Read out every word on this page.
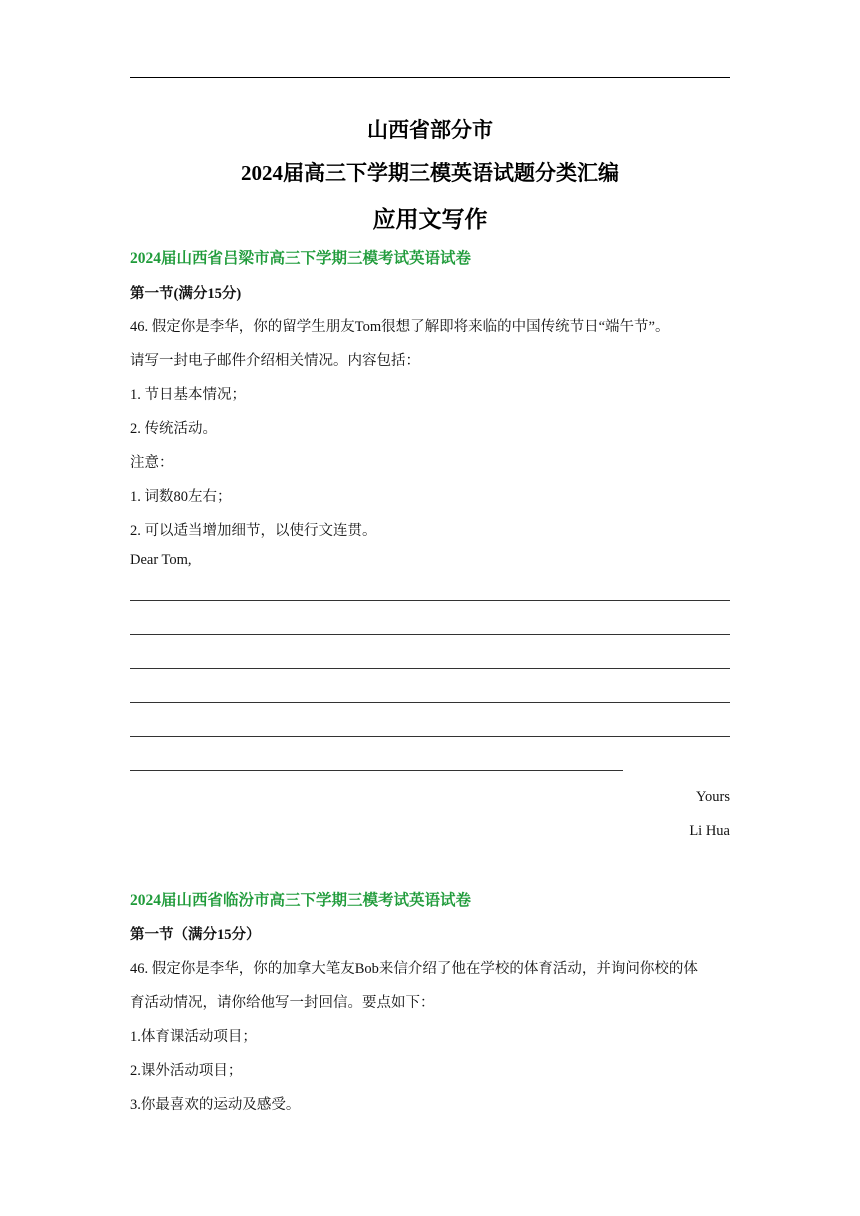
山西省部分市
2024届高三下学期三模英语试题分类汇编
应用文写作
2024届山西省吕梁市高三下学期三模考试英语试卷
第一节(满分15分)
46. 假定你是李华，你的留学生朋友Tom很想了解即将来临的中国传统节日“端午节”。
请写一封电子邮件介绍相关情况。内容包括：
1. 节日基本情况；
2. 传统活动。
注意：
1. 词数80左右；
2. 可以适当增加细节，以使行文连贯。
Dear Tom,
Yours
Li Hua
2024届山西省临汾市高三下学期三模考试英语试卷
第一节（满分15分）
46. 假定你是李华，你的加拿大笔友Bob来信介绍了他在学校的体育活动，并询问你校的体
育活动情况，请你给他写一封回信。要点如下：
1.体育课活动项目；
2.课外活动项目；
3.你最喜欢的运动及感受。
